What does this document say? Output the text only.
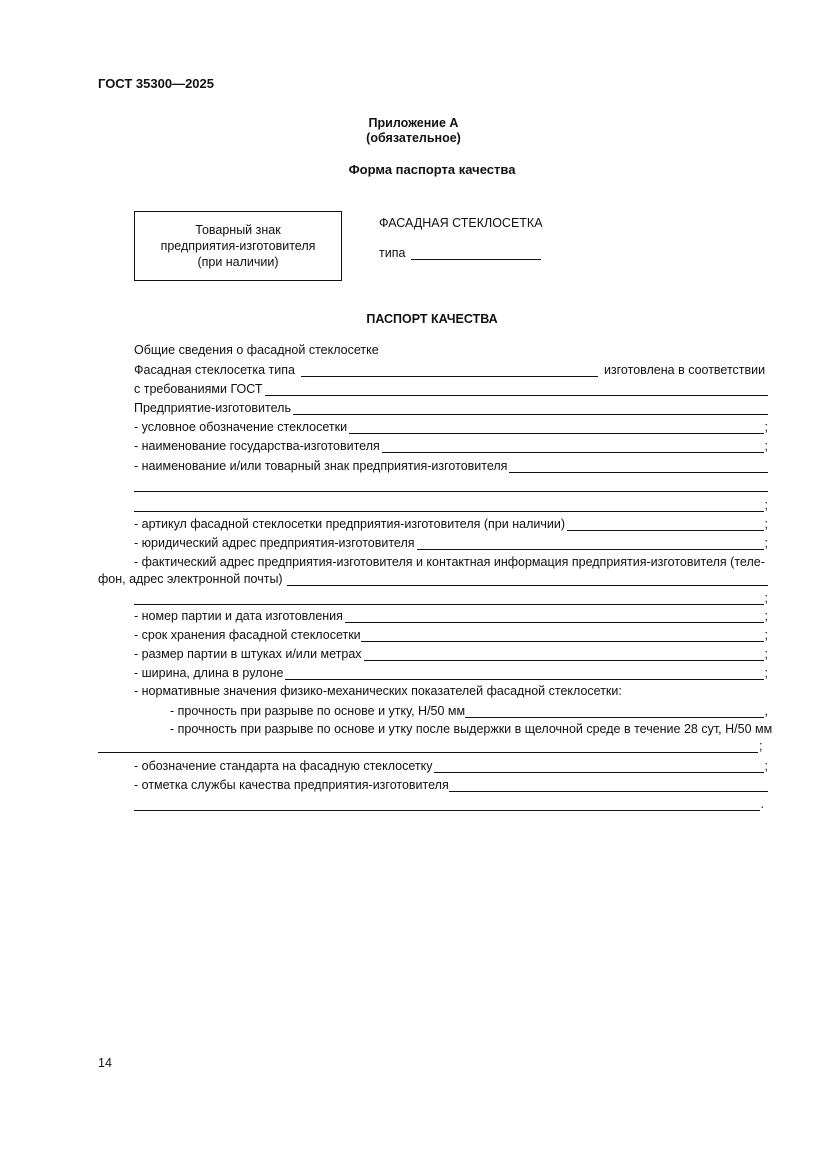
ГОСТ 35300—2025
Приложение А
(обязательное)
Форма паспорта качества
Товарный знак
предприятия-изготовителя
(при наличии)
ФАСАДНАЯ СТЕКЛОСЕТКА
типа
ПАСПОРТ КАЧЕСТВА
Общие сведения о фасадной стеклосетке
Фасадная стеклосетка типа	изготовлена в соответствии
с требованиями ГОСТ
Предприятие-изготовитель
- условное обозначение стеклосетки	;
- наименование государства-изготовителя	;
- наименование и/или товарный знак предприятия-изготовителя
;
- артикул фасадной стеклосетки предприятия-изготовителя (при наличии)	;
- юридический адрес предприятия-изготовителя	;
- фактический адрес предприятия-изготовителя и контактная информация предприятия-изготовителя (теле-
фон, адрес электронной почты)
;
- номер партии и дата изготовления	;
- срок хранения фасадной стеклосетки	;
- размер партии в штуках и/или метрах	;
- ширина, длина в рулоне	;
- нормативные значения физико-механических показателей фасадной стеклосетки:
- прочность при разрыве по основе и утку, Н/50 мм	,
- прочность при разрыве по основе и утку после выдержки в щелочной среде в течение 28 сут, Н/50 мм
;
- обозначение стандарта на фасадную стеклосетку	;
- отметка службы качества предприятия-изготовителя
.
14
